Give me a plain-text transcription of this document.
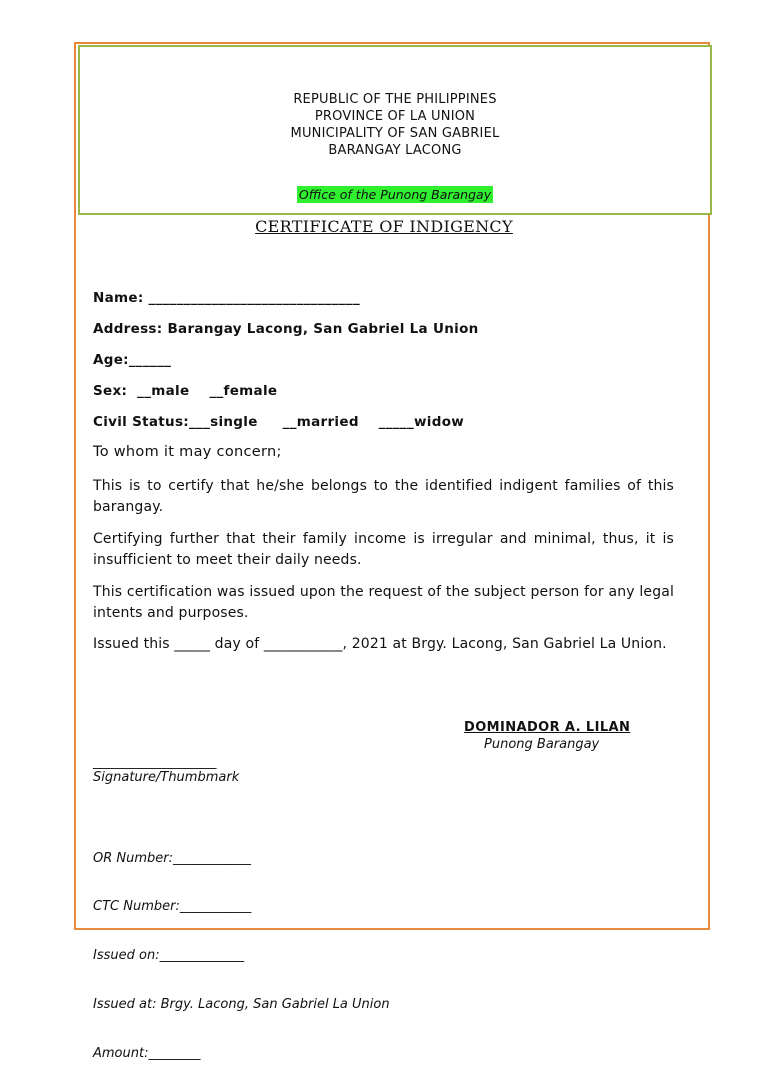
REPUBLIC OF THE PHILIPPINES
PROVINCE OF LA UNION
MUNICIPALITY OF SAN GABRIEL
BARANGAY LACONG
Office of the Punong Barangay
CERTIFICATE OF INDIGENCY
Name: ______________________________
Address: Barangay Lacong, San Gabriel La Union
Age:______
Sex:  __male    __female
Civil Status:___single     __married    _____widow
To whom it may concern;
This is to certify that he/she belongs to the identified indigent families of this barangay.
Certifying further that their family income is irregular and minimal, thus, it is insufficient to meet their daily needs.
This certification was issued upon the request of the subject person for any legal intents and purposes.
Issued this _____ day of ___________, 2021 at Brgy. Lacong, San Gabriel La Union.
DOMINADOR A. LILAN
Punong Barangay
___________________
Signature/Thumbmark

OR Number:____________

CTC Number:___________

Issued on:_____________

Issued at: Brgy. Lacong, San Gabriel La Union

Amount:________
